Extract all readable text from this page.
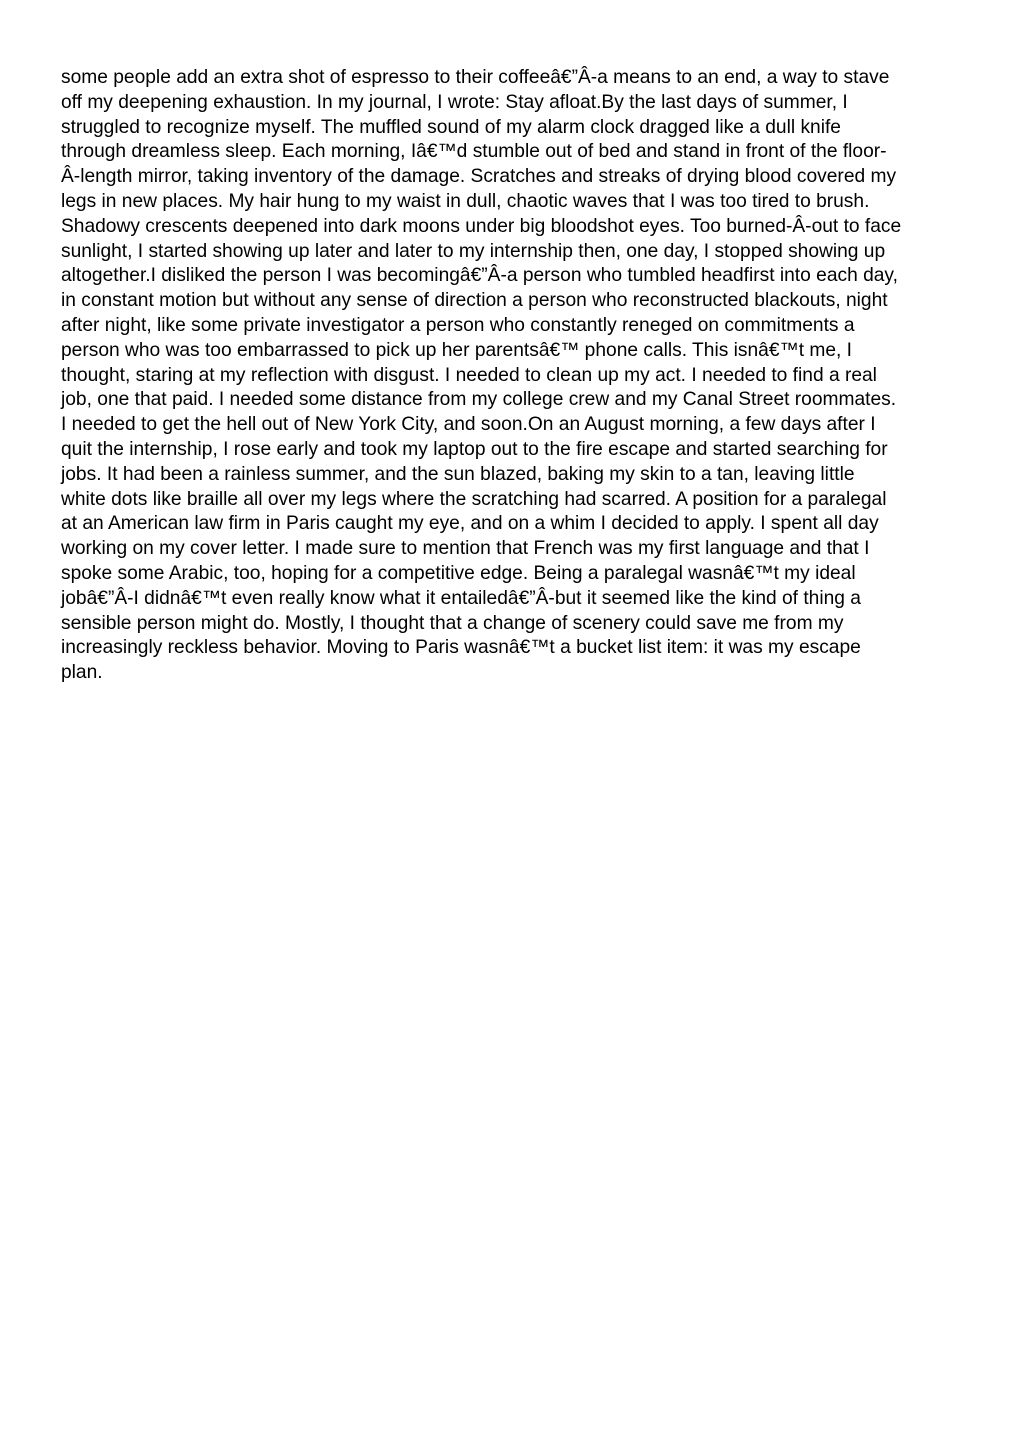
some people add an extra shot of espresso to their coffeeâ€”Â-a means to an end, a way to stave
off my deepening exhaustion. In my journal, I wrote: Stay afloat.By the last days of summer, I
struggled to recognize myself. The muffled sound of my alarm clock dragged like a dull knife
through dreamless sleep. Each morning, Iâ€™d stumble out of bed and stand in front of the floor-
Â-length mirror, taking inventory of the damage. Scratches and streaks of drying blood covered my
legs in new places. My hair hung to my waist in dull, chaotic waves that I was too tired to brush.
Shadowy crescents deepened into dark moons under big bloodshot eyes. Too burned-Â-out to face
sunlight, I started showing up later and later to my internship then, one day, I stopped showing up
altogether.I disliked the person I was becomingâ€”Â-a person who tumbled headfirst into each day,
in constant motion but without any sense of direction a person who reconstructed blackouts, night
after night, like some private investigator a person who constantly reneged on commitments a
person who was too embarrassed to pick up her parentsâ€™ phone calls. This isnâ€™t me, I
thought, staring at my reflection with disgust. I needed to clean up my act. I needed to find a real
job, one that paid. I needed some distance from my college crew and my Canal Street roommates.
I needed to get the hell out of New York City, and soon.On an August morning, a few days after I
quit the internship, I rose early and took my laptop out to the fire escape and started searching for
jobs. It had been a rainless summer, and the sun blazed, baking my skin to a tan, leaving little
white dots like braille all over my legs where the scratching had scarred. A position for a paralegal
at an American law firm in Paris caught my eye, and on a whim I decided to apply. I spent all day
working on my cover letter. I made sure to mention that French was my first language and that I
spoke some Arabic, too, hoping for a competitive edge. Being a paralegal wasnâ€™t my ideal
jobâ€”Â-I didnâ€™t even really know what it entailedâ€”Â-but it seemed like the kind of thing a
sensible person might do. Mostly, I thought that a change of scenery could save me from my
increasingly reckless behavior. Moving to Paris wasnâ€™t a bucket list item: it was my escape
plan.
